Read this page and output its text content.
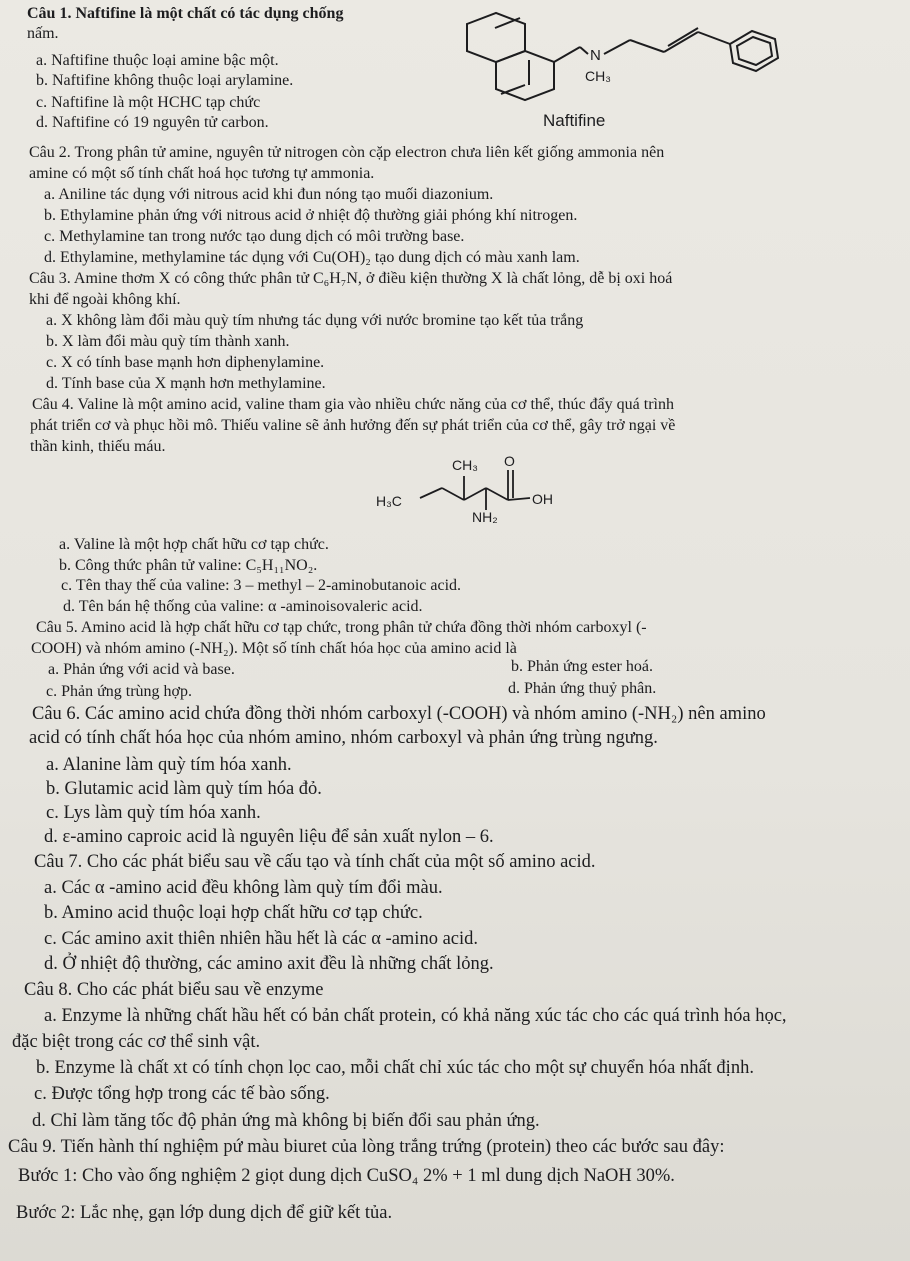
Câu 1. Naftifine là một chất có tác dụng chống
nấm.
a. Naftifine thuộc loại amine bậc một.
b. Naftifine không thuộc loại arylamine.
c. Naftifine là một HCHC tạp chức
d. Naftifine có 19 nguyên tử carbon.
N
CH₃
Naftifine
Câu 2. Trong phân tử amine, nguyên tử nitrogen còn cặp electron chưa liên kết giống ammonia nên
amine có một số tính chất hoá học tương tự ammonia.
a. Aniline tác dụng với nitrous acid khi đun nóng tạo muối diazonium.
b. Ethylamine phản ứng với nitrous acid ở nhiệt độ thường giải phóng khí nitrogen.
c. Methylamine tan trong nước tạo dung dịch có môi trường base.
d. Ethylamine, methylamine tác dụng với Cu(OH)₂ tạo dung dịch có màu xanh lam.
Câu 3. Amine thơm X có công thức phân tử C₆H₇N, ở điều kiện thường X là chất lỏng, dễ bị oxi hoá
khi để ngoài không khí.
a. X không làm đổi màu quỳ tím nhưng tác dụng với nước bromine tạo kết tủa trắng
b. X làm đổi màu quỳ tím thành xanh.
c. X có tính base mạnh hơn diphenylamine.
d. Tính base của X mạnh hơn methylamine.
Câu 4. Valine là một amino acid, valine tham gia vào nhiều chức năng của cơ thể, thúc đẩy quá trình
phát triển cơ và phục hồi mô. Thiếu valine sẽ ảnh hưởng đến sự phát triển của cơ thể, gây trở ngại về
thần kinh, thiếu máu.
CH₃ O
H₃C	OH
NH₂
a. Valine là một hợp chất hữu cơ tạp chức.
b. Công thức phân tử valine: C₅H₁₁NO₂.
c. Tên thay thế của valine: 3 – methyl – 2-aminobutanoic acid.
d. Tên bán hệ thống của valine: α -aminoisovaleric acid.
Câu 5. Amino acid là hợp chất hữu cơ tạp chức, trong phân tử chứa đồng thời nhóm carboxyl (-
COOH) và nhóm amino (-NH₂). Một số tính chất hóa học của amino acid là
a. Phản ứng với acid và base.	b. Phản ứng ester hoá.
c. Phản ứng trùng hợp.	d. Phản ứng thuỷ phân.
Câu 6. Các amino acid chứa đồng thời nhóm carboxyl (-COOH) và nhóm amino (-NH₂) nên amino
acid có tính chất hóa học của nhóm amino, nhóm carboxyl và phản ứng trùng ngưng.
a. Alanine làm quỳ tím hóa xanh.
b. Glutamic acid làm quỳ tím hóa đỏ.
c. Lys làm quỳ tím hóa xanh.
d. ε-amino caproic acid là nguyên liệu để sản xuất nylon – 6.
Câu 7. Cho các phát biểu sau về cấu tạo và tính chất của một số amino acid.
a. Các α -amino acid đều không làm quỳ tím đổi màu.
b. Amino acid thuộc loại hợp chất hữu cơ tạp chức.
c. Các amino axit thiên nhiên hầu hết là các α -amino acid.
d. Ở nhiệt độ thường, các amino axit đều là những chất lỏng.
Câu 8. Cho các phát biểu sau về enzyme
a. Enzyme là những chất hầu hết có bản chất protein, có khả năng xúc tác cho các quá trình hóa học,
đặc biệt trong các cơ thể sinh vật.
b. Enzyme là chất xt có tính chọn lọc cao, mỗi chất chỉ xúc tác cho một sự chuyển hóa nhất định.
c. Được tổng hợp trong các tế bào sống.
d. Chỉ làm tăng tốc độ phản ứng mà không bị biến đổi sau phản ứng.
Câu 9. Tiến hành thí nghiệm pứ màu biuret của lòng trắng trứng (protein) theo các bước sau đây:
Bước 1: Cho vào ống nghiệm 2 giọt dung dịch CuSO₄ 2% + 1 ml dung dịch NaOH 30%.
Bước 2: Lắc nhẹ, gạn lớp dung dịch để giữ kết tủa.
